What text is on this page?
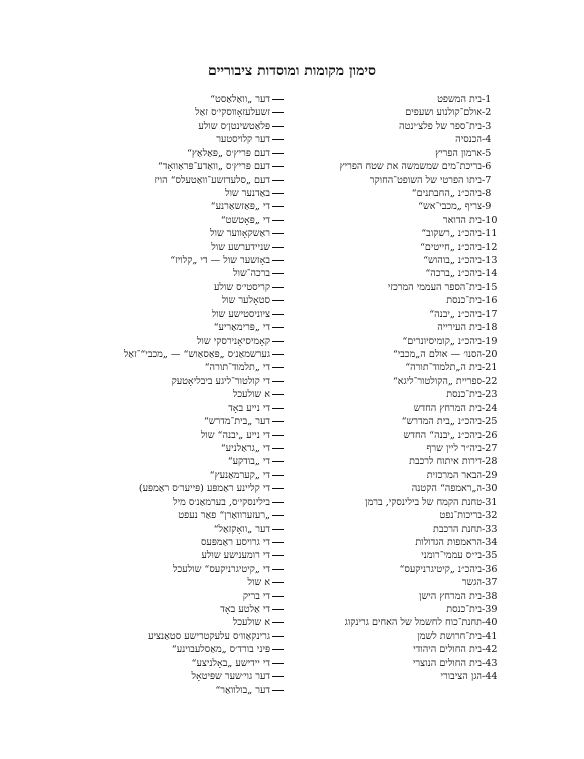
סימון מקומות ומוסדות ציבוריים
-1
בית המשפט
דער „וואַלאַסט“
-2
אולם־קולנוע ושעפים
זשעלעזאָווסקי׳ס זאַל
-3
בית־ספר של פלצ׳ינטה
פּלאַטשינטן׳ס שולע
-4
הכנסיה
דער קלויסטער
-5
ארמון הפריץ
דעם פּריץ׳ס „פּאַלאַץ“
-6
בריכת־מים שמשמשה את שטח הפריץ
דעם פּריץ׳ס „וואַדע־פּראַוואָד“
-7
ביתו הפרטי של השופט־החוקר
דעם „סלעדזשע־וואַטעלס“ הויז
-8
ביהכ״נ „החבתנים“
באַדנער שול
-9
צריף „מכבי־אש“
די „פּאַזשאַרנע“
-10
בית הדואר
די „פּאָטשט“
-11
ביהכ״נ „רשקוב“
ראַשקאָווער שול
-12
ביהכ״נ „חייטים“
שניידערשע שול
-13
ביהכ״נ „בוהוש“
באָזשער שול — די „קלויז“
-14
ביהכ״נ „ברכה“
ברכה־שול
-15
בית־הספר העממי המרכזי
קריסטי׳ס שולע
-16
בית־כנסת
סטאָלער שול
-17
ביהכ״נ „יבנה“
ציוניסטישע שול
-18
בית העירייה
די „פּרימאַריע“
-19
ביהכ״נ „קומיסיונרים“
קאָמיסיאָנירסקי שול
-20
הסנו׳ — אולם ה„מכבי“
גערשמאַנ׳ס „פּאַסאַוש“ — „מכבי“־זאַל
-21
בית ה„תלמוד־תורה“
די „תלמוד־תורה“
-22
ספריית „הקולטור־ליגא“
די קולטור־ליגע ביבליאָטעק
-23
בית־כנסת
א שולעכל
-24
בית המרחץ החדש
די נייע באָד
-25
ביהכ״נ „בית המדרש“
דער „בית־מדרש“
-26
ביהכ״נ „יבנה“ החדש
די נייע „יבנה“ שול
-27
ביה״ר ליין שרף
די „גראַלניע“
-28
דירות איתוח לרכבת
די „בודקע“
-29
הבאר המרכזית
די „קערמאַנעץ“
-30
ה„ראמפה“ הקטנה
די קליינע ראַמפּע (פּייער׳ס ראַמפּע)
-31
טחנת הקמח של בילינסקי, ברמן
בילינסקי׳ס, בערמאַנ׳ס מיל
-32
בריכות־נפט
„רעזערוואַרן“ פאַר נעפט
-33
תחנת הרכבת
דער „וואָקזאַל“
-34
הראמפות הגדולות
די גרויסע ראַמפּעס
-35
בי״ס עממי־רומני
די רומענישע שולע
-36
ביהכ״נ „קיטיגרניקעס“
די „קיטיגרניקעס“ שולעכל
-37
הגשר
א שול
-38
בית המרחץ הישן
די בריק
-39
בית־כנסת
די אַלטע באָד
-40
תחנת־כוח לחשמל של האחים גרינקוג
א שולעכל
-41
בית־חרושת לשמן
גרינקאַוו׳ס עלעקטרישע סטאַנציע
-42
בית החולים היהודי
פּיני בורד׳ס „מאַסלעבוינע“
-43
בית החולים הנוצרי
די יידישע „באָלניצע“
-44
הגן הציבורי
דער גוי׳שער שפּיטאָל
דער „בולוואַר“
